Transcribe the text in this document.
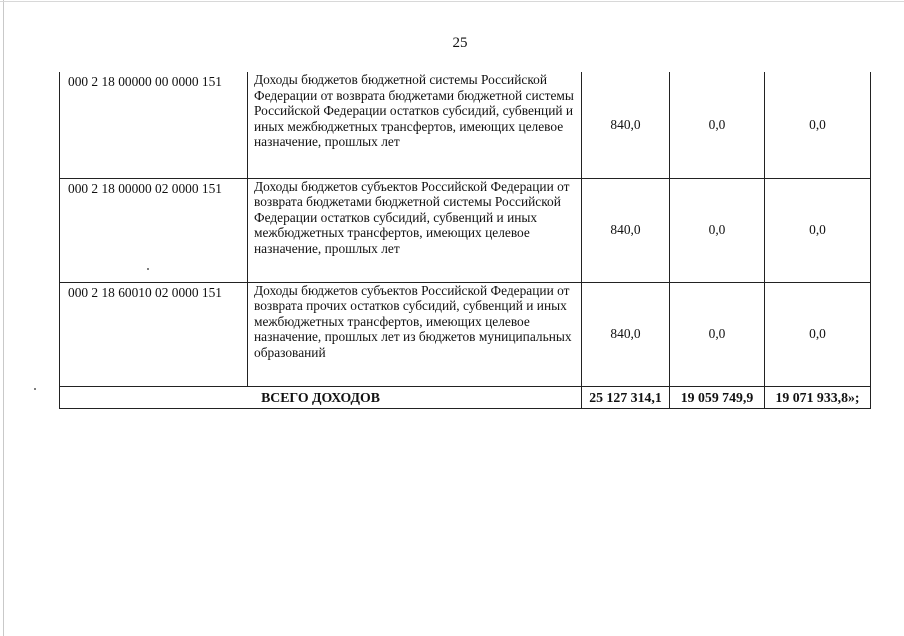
25
000 2 18 00000 00 0000 151	Доходы бюджетов бюджетной системы Российской Федерации от возврата бюджетами бюджетной системы Российской Федерации остатков субсидий, субвенций и иных межбюджетных трансфертов, имеющих целевое назначение, прошлых лет	840,0	0,0	0,0
000 2 18 00000 02 0000 151	Доходы бюджетов субъектов Российской Федерации от возврата бюджетами бюджетной системы Российской Федерации остатков субсидий, субвенций и иных межбюджетных трансфертов, имеющих целевое назначение, прошлых лет	840,0	0,0	0,0
000 2 18 60010 02 0000 151	Доходы бюджетов субъектов Российской Федерации от возврата прочих остатков субсидий, субвенций и иных межбюджетных трансфертов, имеющих целевое назначение, прошлых лет из бюджетов муниципальных образований	840,0	0,0	0,0
ВСЕГО ДОХОДОВ		25 127 314,1	19 059 749,9	19 071 933,8»;
